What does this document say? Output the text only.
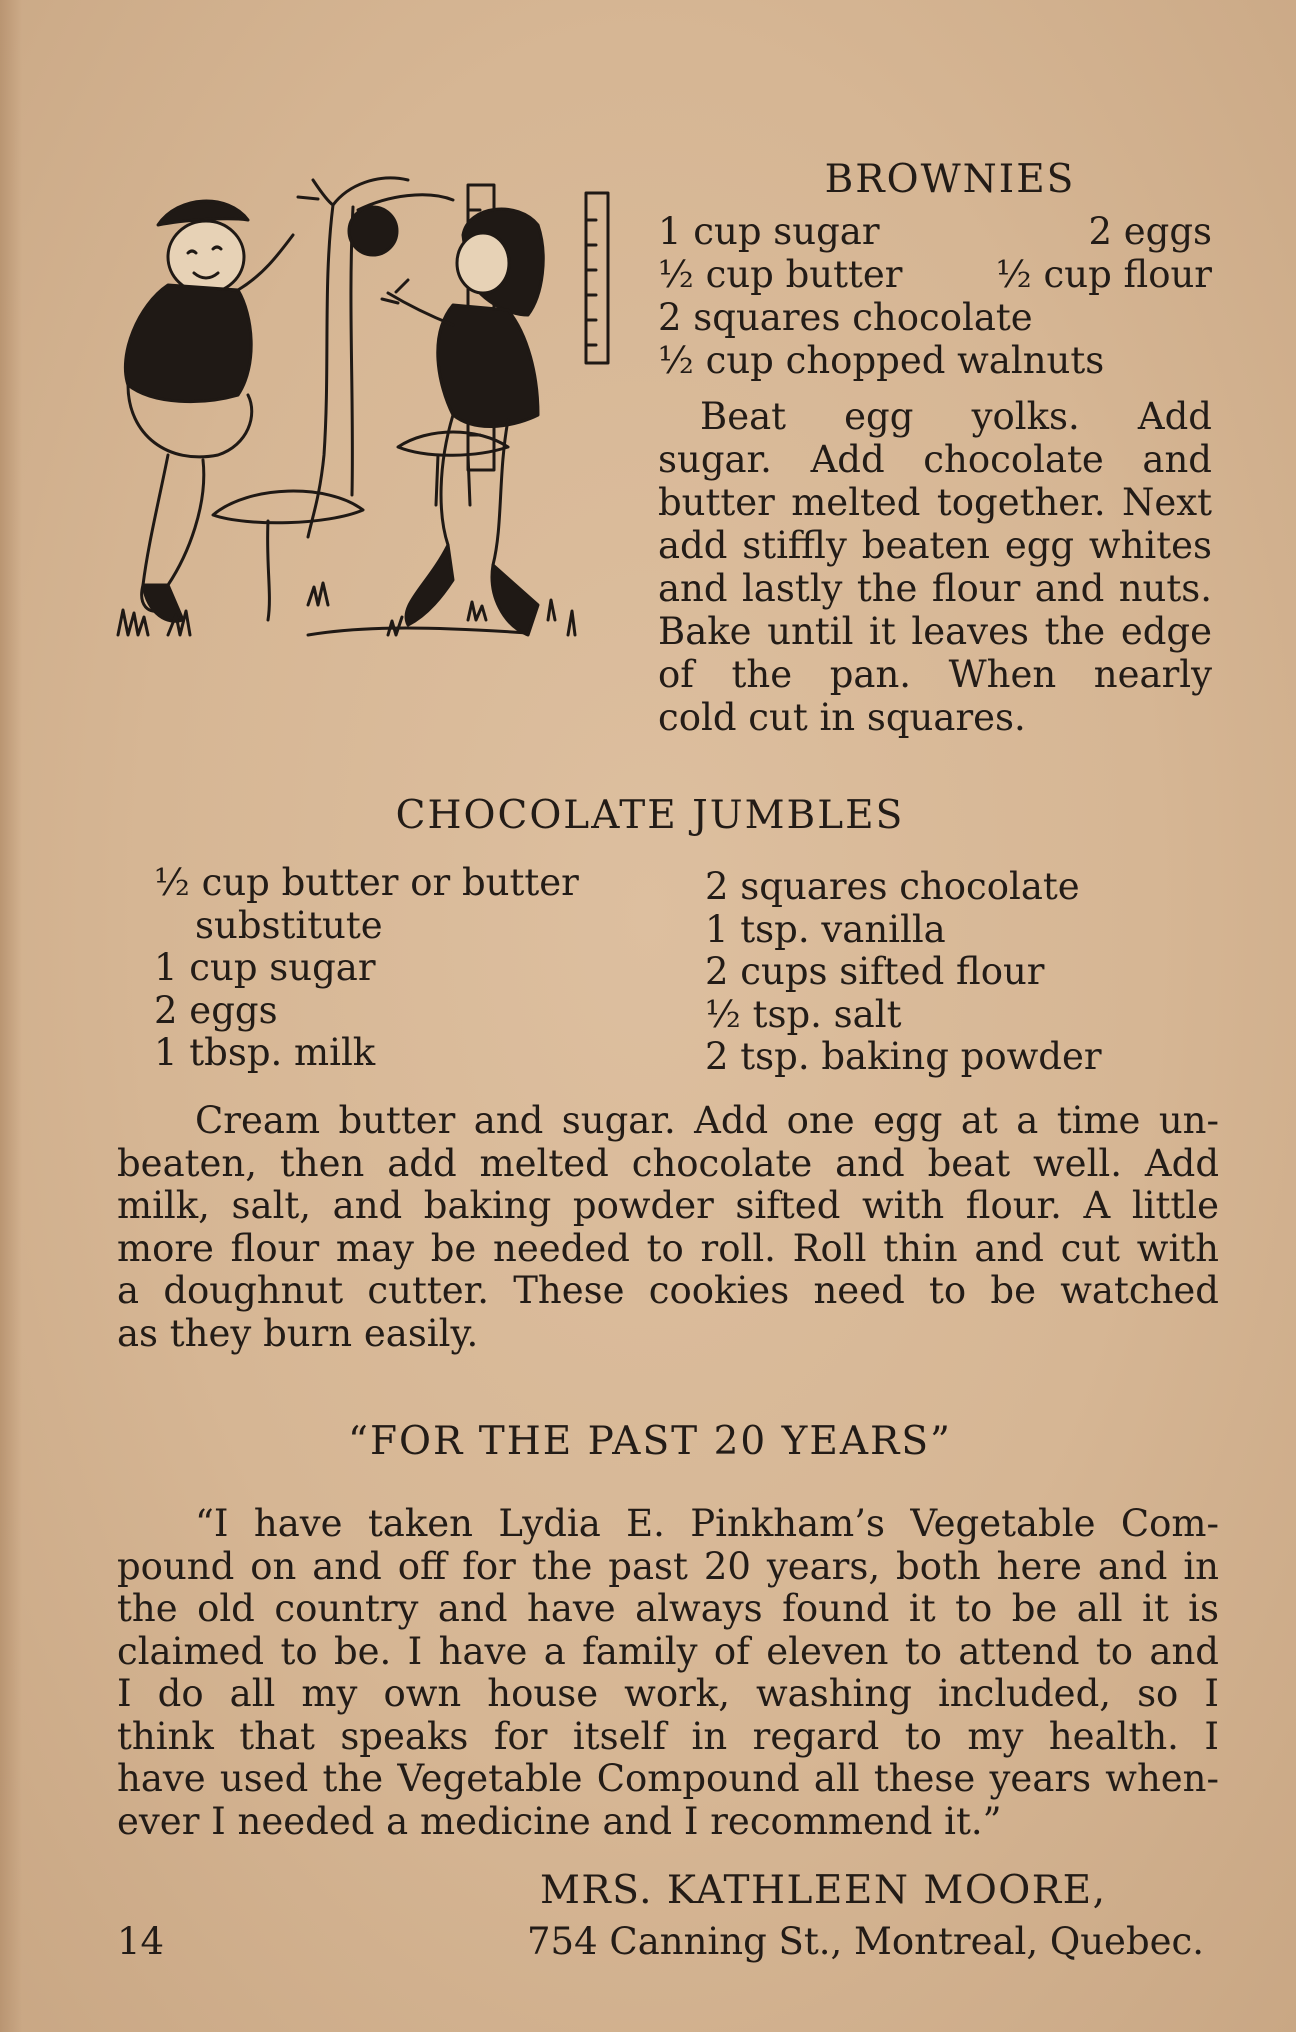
BROWNIES
1 cup sugar	2 eggs
½ cup butter	½ cup flour
2 squares chocolate
½ cup chopped walnuts
Beat egg yolks. Add
sugar. Add chocolate and
butter melted together. Next
add stiffly beaten egg whites
and lastly the flour and nuts.
Bake until it leaves the edge
of the pan. When nearly
cold cut in squares.
CHOCOLATE JUMBLES
½ cup butter or butter
substitute
1 cup sugar
2 eggs
1 tbsp. milk
2 squares chocolate
1 tsp. vanilla
2 cups sifted flour
½ tsp. salt
2 tsp. baking powder
Cream butter and sugar. Add one egg at a time un-
beaten, then add melted chocolate and beat well. Add
milk, salt, and baking powder sifted with flour. A little
more flour may be needed to roll. Roll thin and cut with
a doughnut cutter. These cookies need to be watched
as they burn easily.
“FOR THE PAST 20 YEARS”
“I have taken Lydia E. Pinkham’s Vegetable Com-
pound on and off for the past 20 years, both here and in
the old country and have always found it to be all it is
claimed to be. I have a family of eleven to attend to and
I do all my own house work, washing included, so I
think that speaks for itself in regard to my health. I
have used the Vegetable Compound all these years when-
ever I needed a medicine and I recommend it.”
MRS. KATHLEEN MOORE,
14	754 Canning St., Montreal, Quebec.
